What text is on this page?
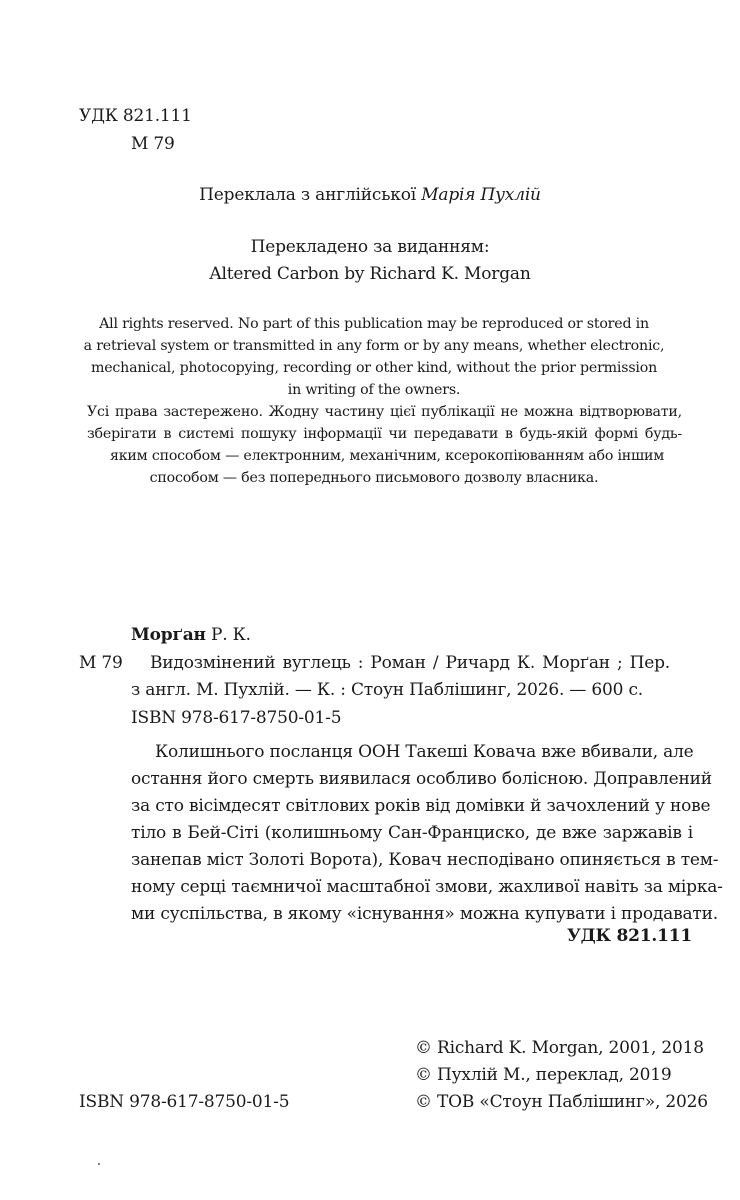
УДК 821.111
М 79
Переклала з англійської Марія Пухлій
Перекладено за виданням:
Altered Carbon by Richard K. Morgan
All rights reserved. No part of this publication may be reproduced or stored in
a retrieval system or transmitted in any form or by any means, whether electronic,
mechanical, photocopying, recording or other kind, without the prior permission
in writing of the owners.
Усі права застережено. Жодну частину цієї публікації не можна відтворювати,
зберігати в системі пошуку інформації чи передавати в будь-якій формі будь-
яким способом — електронним, механічним, ксерокопіюванням або іншим
способом — без попереднього письмового дозволу власника.
Морґан Р. К.
М 79 Видозмінений вуглець : Роман / Ричард К. Морґан ; Пер.
з англ. М. Пухлій. — К. : Стоун Паблішинг, 2026. — 600 с.
ISBN 978-617-8750-01-5
Колишнього посланця ООН Такеші Ковача вже вбивали, але
остання його смерть виявилася особливо болісною. Доправлений
за сто вісімдесят світлових років від домівки й зачохлений у нове
тіло в Бей-Сіті (колишньому Сан-Франциско, де вже заржавів і
занепав міст Золоті Ворота), Ковач несподівано опиняється в тем-
ному серці таємничої масштабної змови, жахливої навіть за мірка-
ми суспільства, в якому «існування» можна купувати і продавати.
УДК 821.111
© Richard K. Morgan, 2001, 2018
© Пухлій М., переклад, 2019
© ТОВ «Стоун Паблішинг», 2026
ISBN 978-617-8750-01-5
